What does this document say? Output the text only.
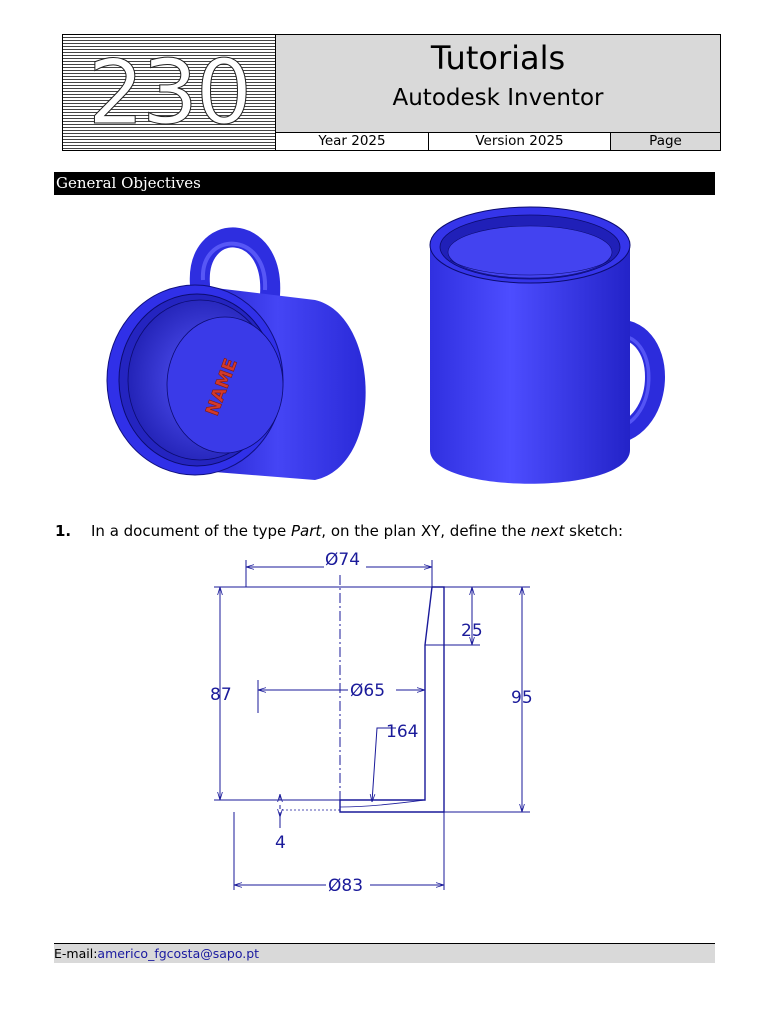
230	Tutorials
Autodesk Inventor
Year 2025	Version 2025	Page
General Objectives
NAME
1. In a document of the type Part, on the plan XY, define the next sketch:
Ø74
25
87	Ø65	95
164
4
Ø83
E-mail:americo_fgcosta@sapo.pt
